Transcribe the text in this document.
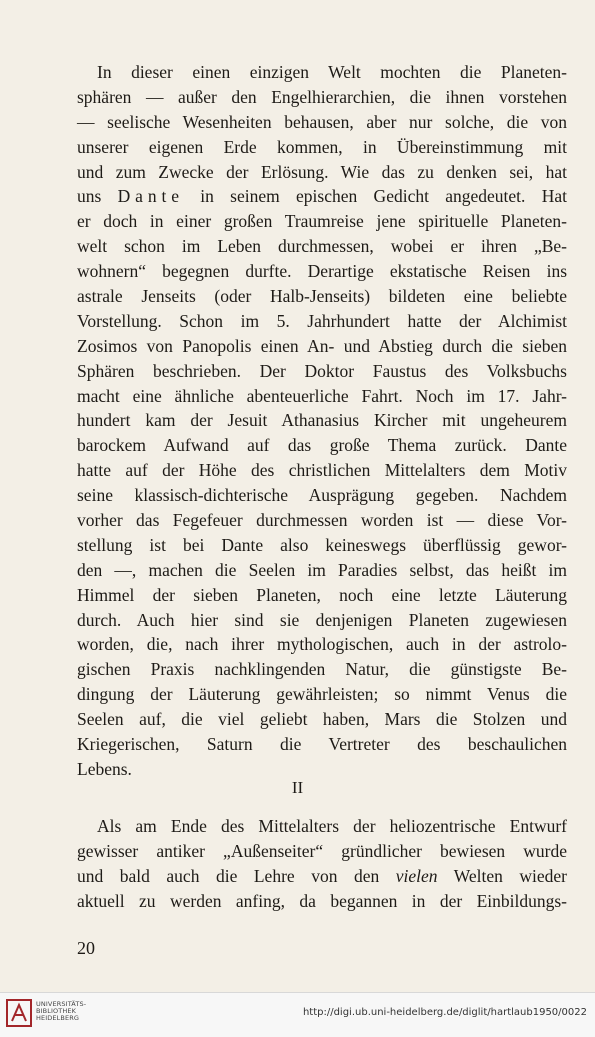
In dieser einen einzigen Welt mochten die Planeten-
sphären — außer den Engelhierarchien, die ihnen vorstehen
— seelische Wesenheiten behausen, aber nur solche, die von
unserer eigenen Erde kommen, in Übereinstimmung mit
und zum Zwecke der Erlösung. Wie das zu denken sei, hat
uns Dante in seinem epischen Gedicht angedeutet. Hat
er doch in einer großen Traumreise jene spirituelle Planeten-
welt schon im Leben durchmessen, wobei er ihren „Be-
wohnern“ begegnen durfte. Derartige ekstatische Reisen ins
astrale Jenseits (oder Halb-Jenseits) bildeten eine beliebte
Vorstellung. Schon im 5. Jahrhundert hatte der Alchimist
Zosimos von Panopolis einen An- und Abstieg durch die sieben
Sphären beschrieben. Der Doktor Faustus des Volksbuchs
macht eine ähnliche abenteuerliche Fahrt. Noch im 17. Jahr-
hundert kam der Jesuit Athanasius Kircher mit ungeheurem
barockem Aufwand auf das große Thema zurück. Dante
hatte auf der Höhe des christlichen Mittelalters dem Motiv
seine klassisch-dichterische Ausprägung gegeben. Nachdem
vorher das Fegefeuer durchmessen worden ist — diese Vor-
stellung ist bei Dante also keineswegs überflüssig gewor-
den —, machen die Seelen im Paradies selbst, das heißt im
Himmel der sieben Planeten, noch eine letzte Läuterung
durch. Auch hier sind sie denjenigen Planeten zugewiesen
worden, die, nach ihrer mythologischen, auch in der astrolo-
gischen Praxis nachklingenden Natur, die günstigste Be-
dingung der Läuterung gewährleisten; so nimmt Venus die
Seelen auf, die viel geliebt haben, Mars die Stolzen und
Kriegerischen, Saturn die Vertreter des beschaulichen
Lebens.
II
Als am Ende des Mittelalters der heliozentrische Entwurf
gewisser antiker „Außenseiter“ gründlicher bewiesen wurde
und bald auch die Lehre von den vielen Welten wieder
aktuell zu werden anfing, da begannen in der Einbildungs-
20
UNIVERSITÄTS-
BIBLIOTHEK
HEIDELBERG
http://digi.ub.uni-heidelberg.de/diglit/hartlaub1950/0022
